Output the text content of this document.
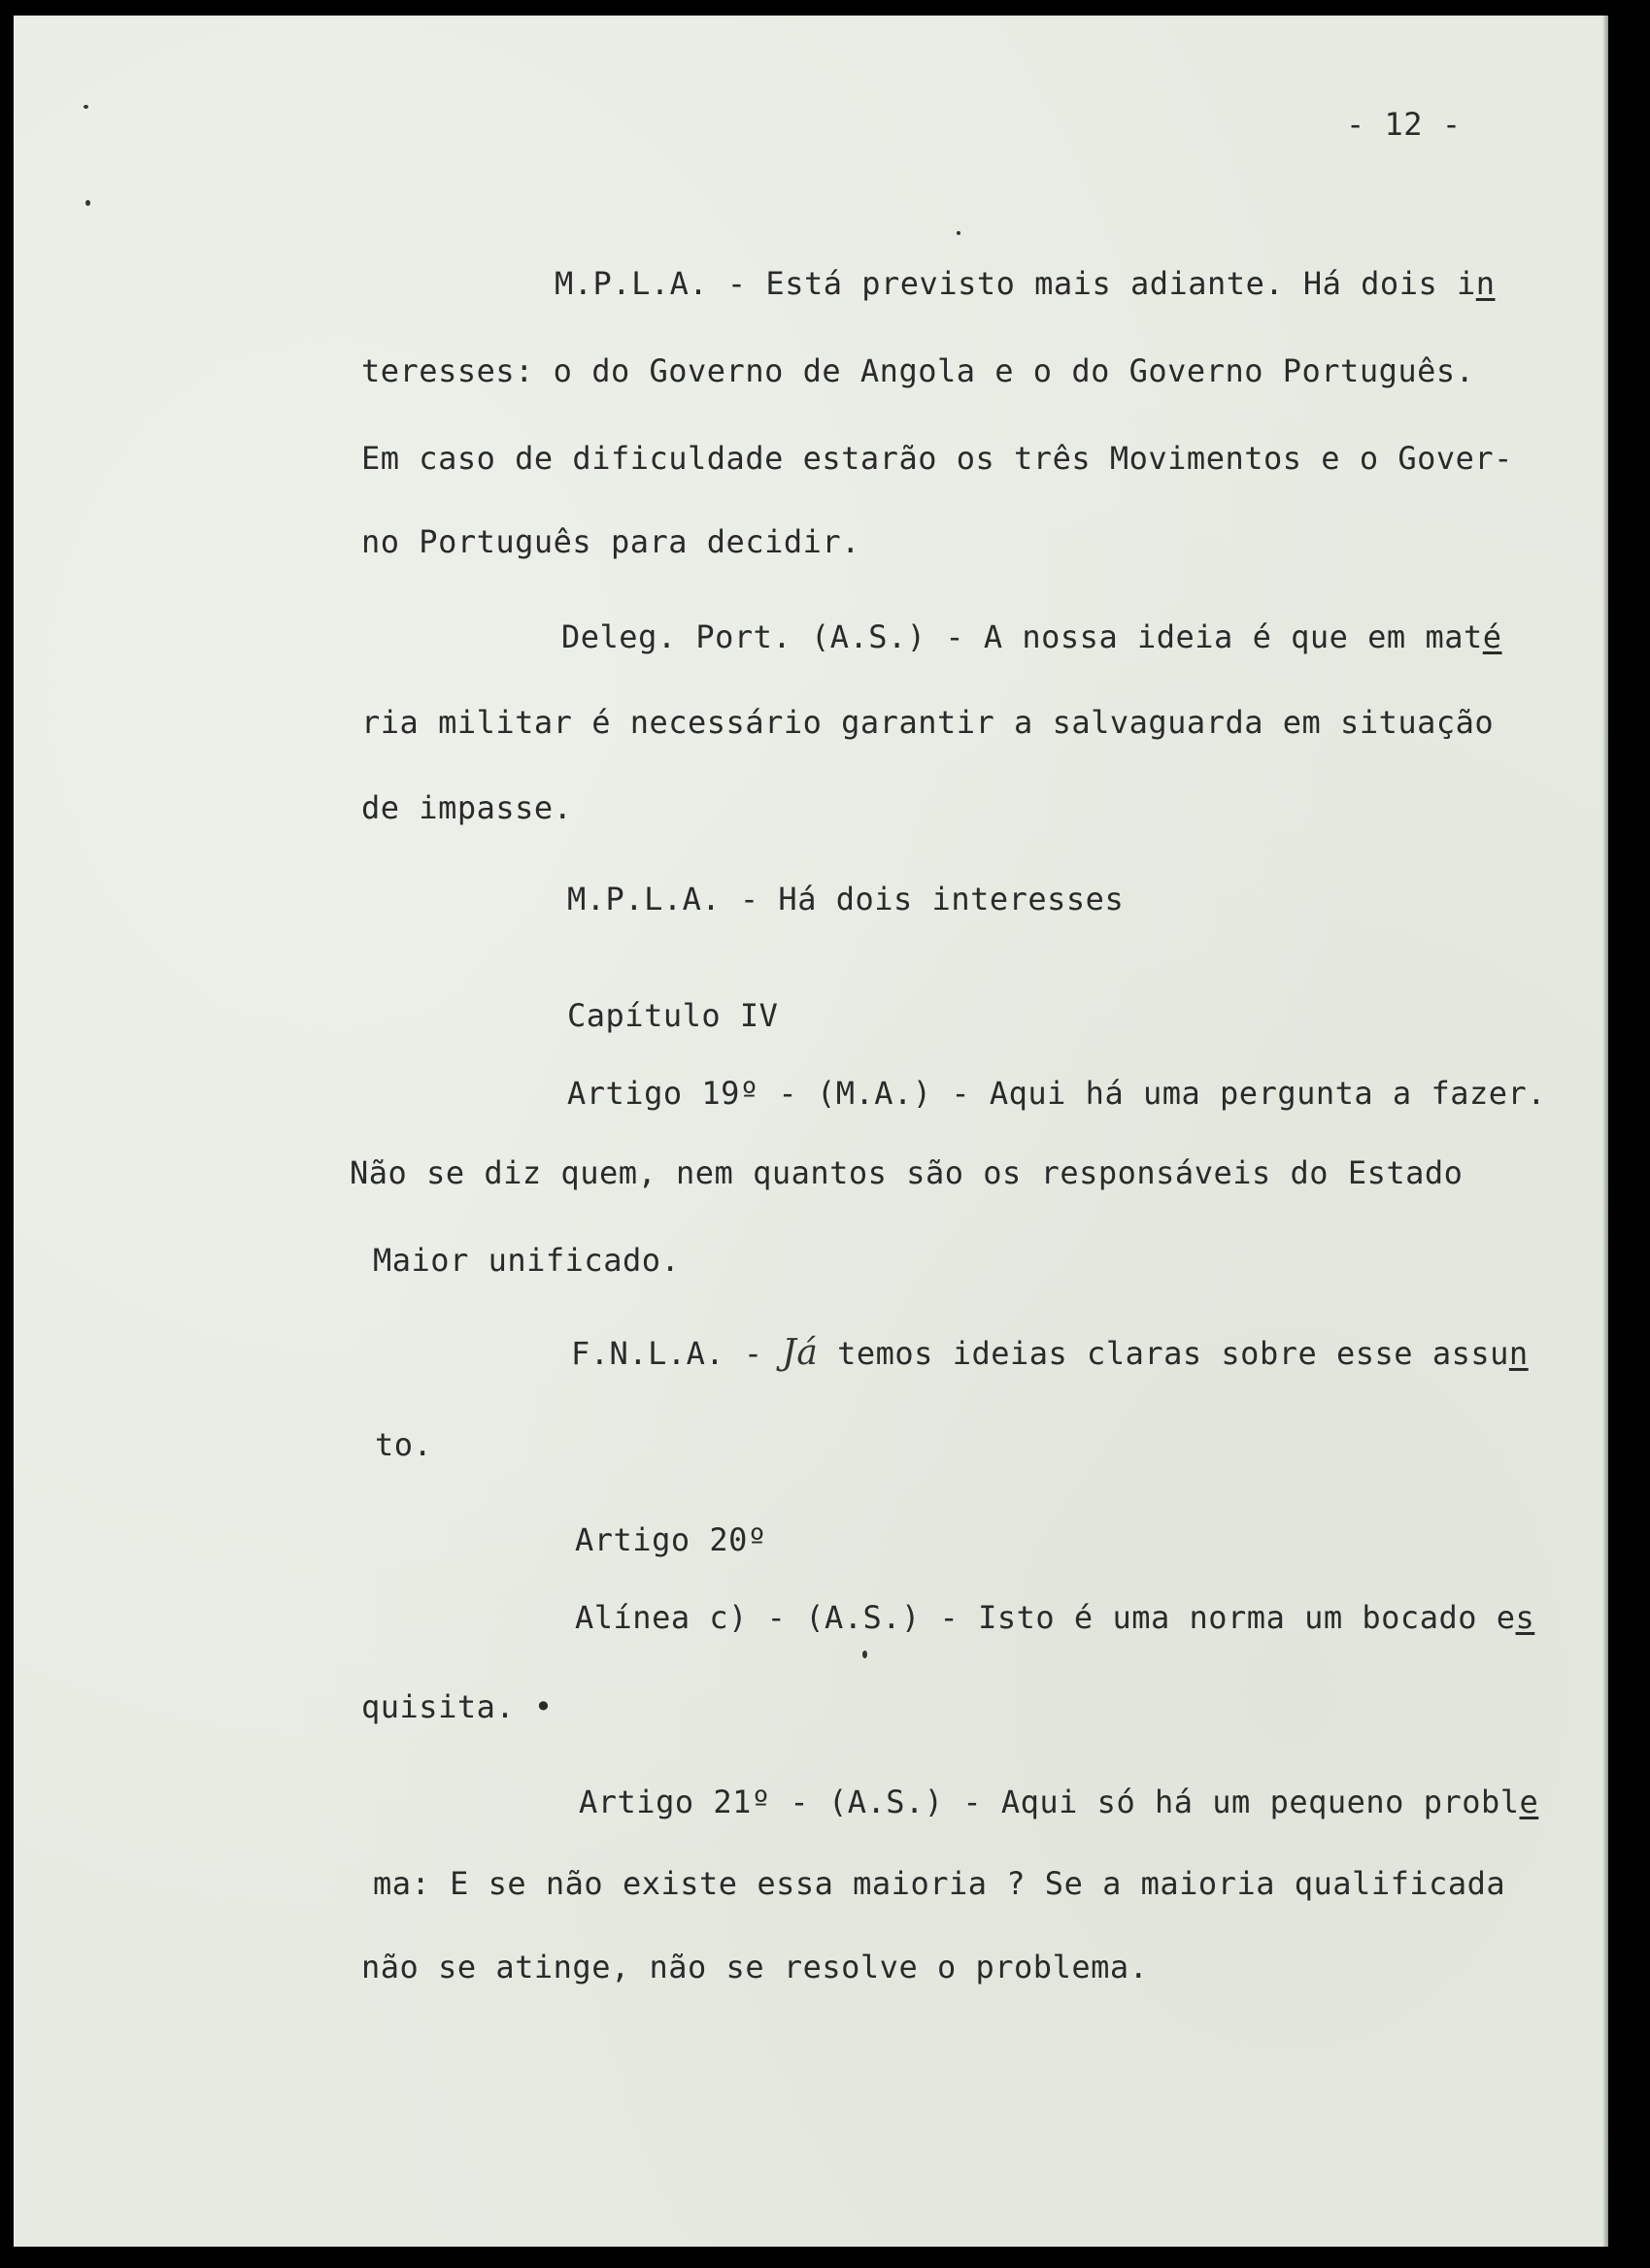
- 12 -
M.P.L.A. - Está previsto mais adiante. Há dois in
teresses: o do Governo de Angola e o do Governo Português.
Em caso de dificuldade estarão os três Movimentos e o Gover-
no Português para decidir.
Deleg. Port. (A.S.) - A nossa ideia é que em maté
ria militar é necessário garantir a salvaguarda em situação
de impasse.
M.P.L.A. - Há dois interesses
Capítulo IV
Artigo 19º - (M.A.) - Aqui há uma pergunta a fazer.
Não se diz quem, nem quantos são os responsáveis do Estado
Maior unificado.
F.N.L.A. - Já temos ideias claras sobre esse assun
to.
Artigo 20º
Alínea c) - (A.S.) - Isto é uma norma um bocado es
quisita. •
Artigo 21º - (A.S.) - Aqui só há um pequeno proble
ma: E se não existe essa maioria ? Se a maioria qualificada
não se atinge, não se resolve o problema.
